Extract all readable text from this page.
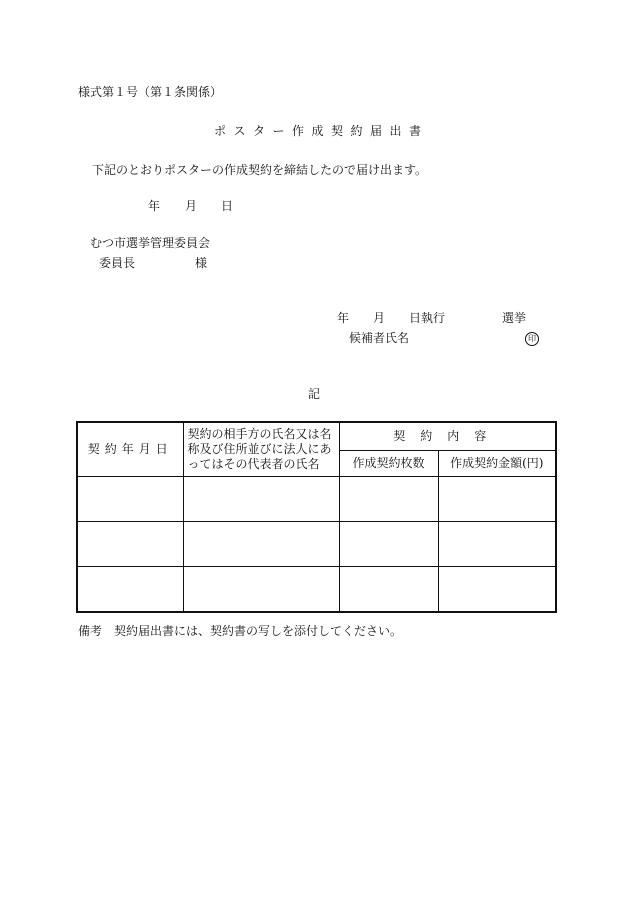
様式第１号（第１条関係）
ポスター作成契約届出書
下記のとおりポスターの作成契約を締結したので届け出ます。
年 月 日
むつ市選挙管理委員会
委員長	様
年 月 日執行	選挙
候補者氏名	印
記
契約年月日	契約の相手方の氏名又は名称及び住所並びに法人にあってはその代表者の氏名	契約内容	
		作成契約枚数	作成契約金額(円)

備考　契約届出書には、契約書の写しを添付してください。
